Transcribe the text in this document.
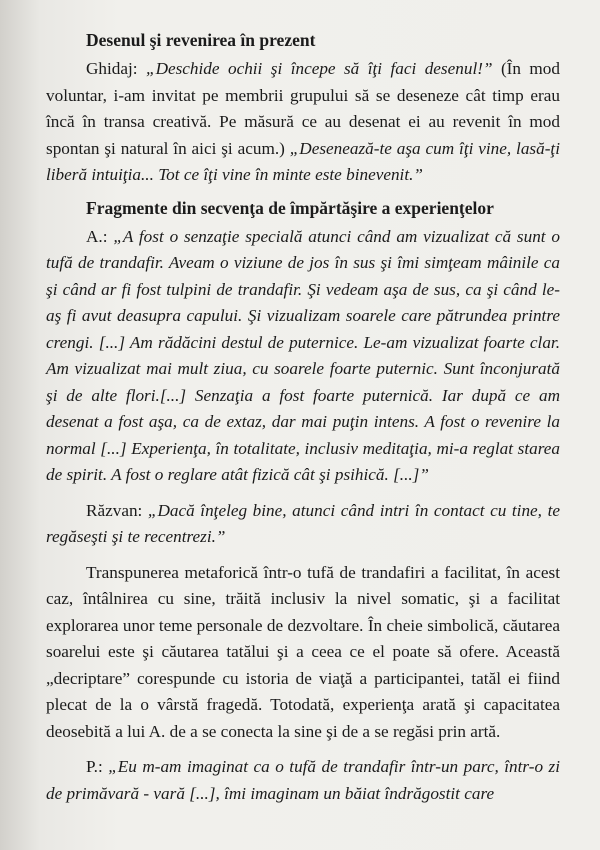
Desenul şi revenirea în prezent

Ghidaj: „Deschide ochii şi începe să îţi faci desenul!” (În mod voluntar, i-am invitat pe membrii grupului să se deseneze cât timp erau încă în transa creativă. Pe măsură ce au desenat ei au revenit în mod spontan şi natural în aici şi acum.) „Desenează-te aşa cum îţi vine, lasă-ţi liberă intuiţia... Tot ce îţi vine în minte este binevenit.”

Fragmente din secvenţa de împărtăşire a experienţelor

A.: „A fost o senzaţie specială atunci când am vizualizat că sunt o tufă de trandafir. Aveam o viziune de jos în sus şi îmi simţeam mâinile ca şi când ar fi fost tulpini de trandafir. Şi vedeam aşa de sus, ca şi când le-aş fi avut deasupra capului. Şi vizualizam soarele care pătrundea printre crengi. [...] Am rădăcini destul de puternice. Le-am vizualizat foarte clar. Am vizualizat mai mult ziua, cu soarele foarte puternic. Sunt înconjurată şi de alte flori.[...] Senzaţia a fost foarte puternică. Iar după ce am desenat a fost aşa, ca de extaz, dar mai puţin intens. A fost o revenire la normal [...] Experienţa, în totalitate, inclusiv meditaţia, mi-a reglat starea de spirit. A fost o reglare atât fizică cât şi psihică. [...]”

Răzvan: „Dacă înţeleg bine, atunci când intri în contact cu tine, te regăseşti şi te recentrezi.”

Transpunerea metaforică într-o tufă de trandafiri a facilitat, în acest caz, întâlnirea cu sine, trăită inclusiv la nivel somatic, şi a facilitat explorarea unor teme personale de dezvoltare. În cheie simbolică, căutarea soarelui este şi căutarea tatălui şi a ceea ce el poate să ofere. Această „decriptare” corespunde cu istoria de viaţă a participantei, tatăl ei fiind plecat de la o vârstă fragedă. Totodată, experienţa arată şi capacitatea deosebită a lui A. de a se conecta la sine şi de a se regăsi prin artă.

P.: „Eu m-am imaginat ca o tufă de trandafir într-un parc, într-o zi de primăvară - vară [...], îmi imaginam un băiat îndrăgostit care
